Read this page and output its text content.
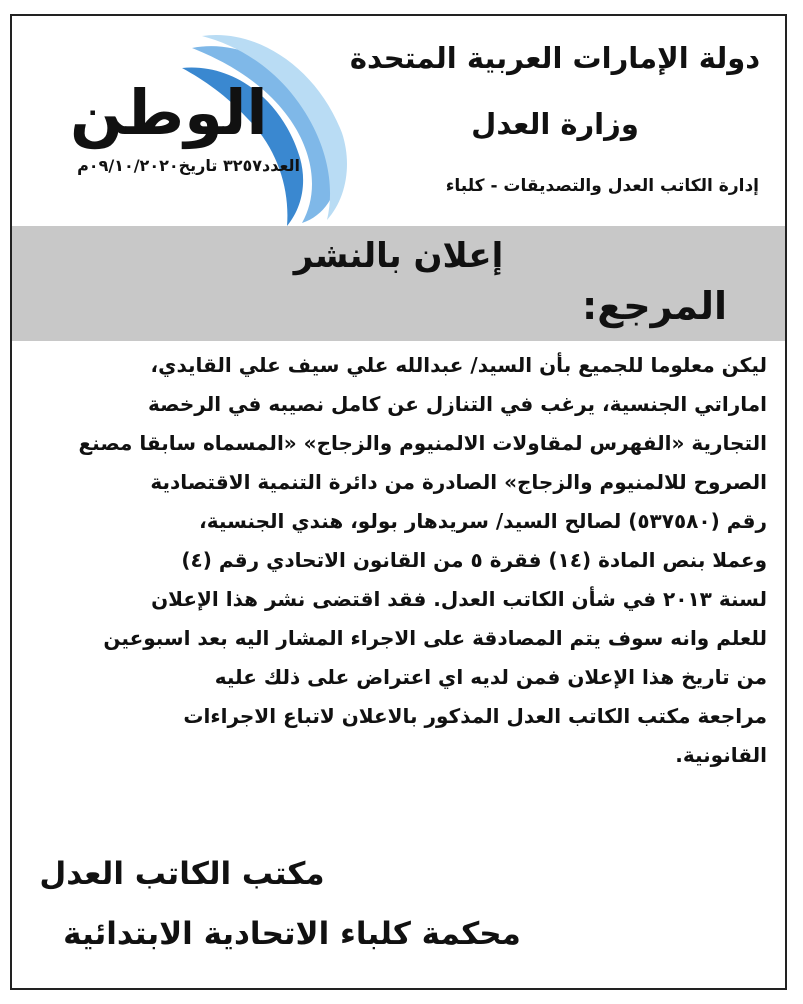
دولة الإمارات العربية المتحدة
وزارة العدل
إدارة الكاتب العدل والتصديقات - كلباء
الوطن
العدد٣٢٥٧ تاريخ٠٩/١٠/٢٠٢٠م
إعلان بالنشر
المرجع:
ليكن معلوما للجميع بأن السيد/ عبدالله علي سيف علي القايدي،
اماراتي الجنسية، يرغب في التنازل عن كامل نصيبه في الرخصة
التجارية «الفهرس لمقاولات الالمنيوم والزجاج» «المسماه سابقا مصنع
الصروح للالمنيوم والزجاج» الصادرة من دائرة التنمية الاقتصادية
رقم (٥٣٧٥٨٠) لصالح السيد/ سريدهار بولو، هندي الجنسية،
وعملا بنص المادة (١٤) فقرة ٥ من القانون الاتحادي رقم (٤)
لسنة ٢٠١٣ في شأن الكاتب العدل. فقد اقتضى نشر هذا الإعلان
للعلم وانه سوف يتم المصادقة على الاجراء المشار اليه بعد اسبوعين
من تاريخ هذا الإعلان فمن لديه اي اعتراض على ذلك عليه
مراجعة مكتب الكاتب العدل المذكور بالاعلان لاتباع الاجراءات
القانونية.
مكتب الكاتب العدل
محكمة كلباء الاتحادية الابتدائية
